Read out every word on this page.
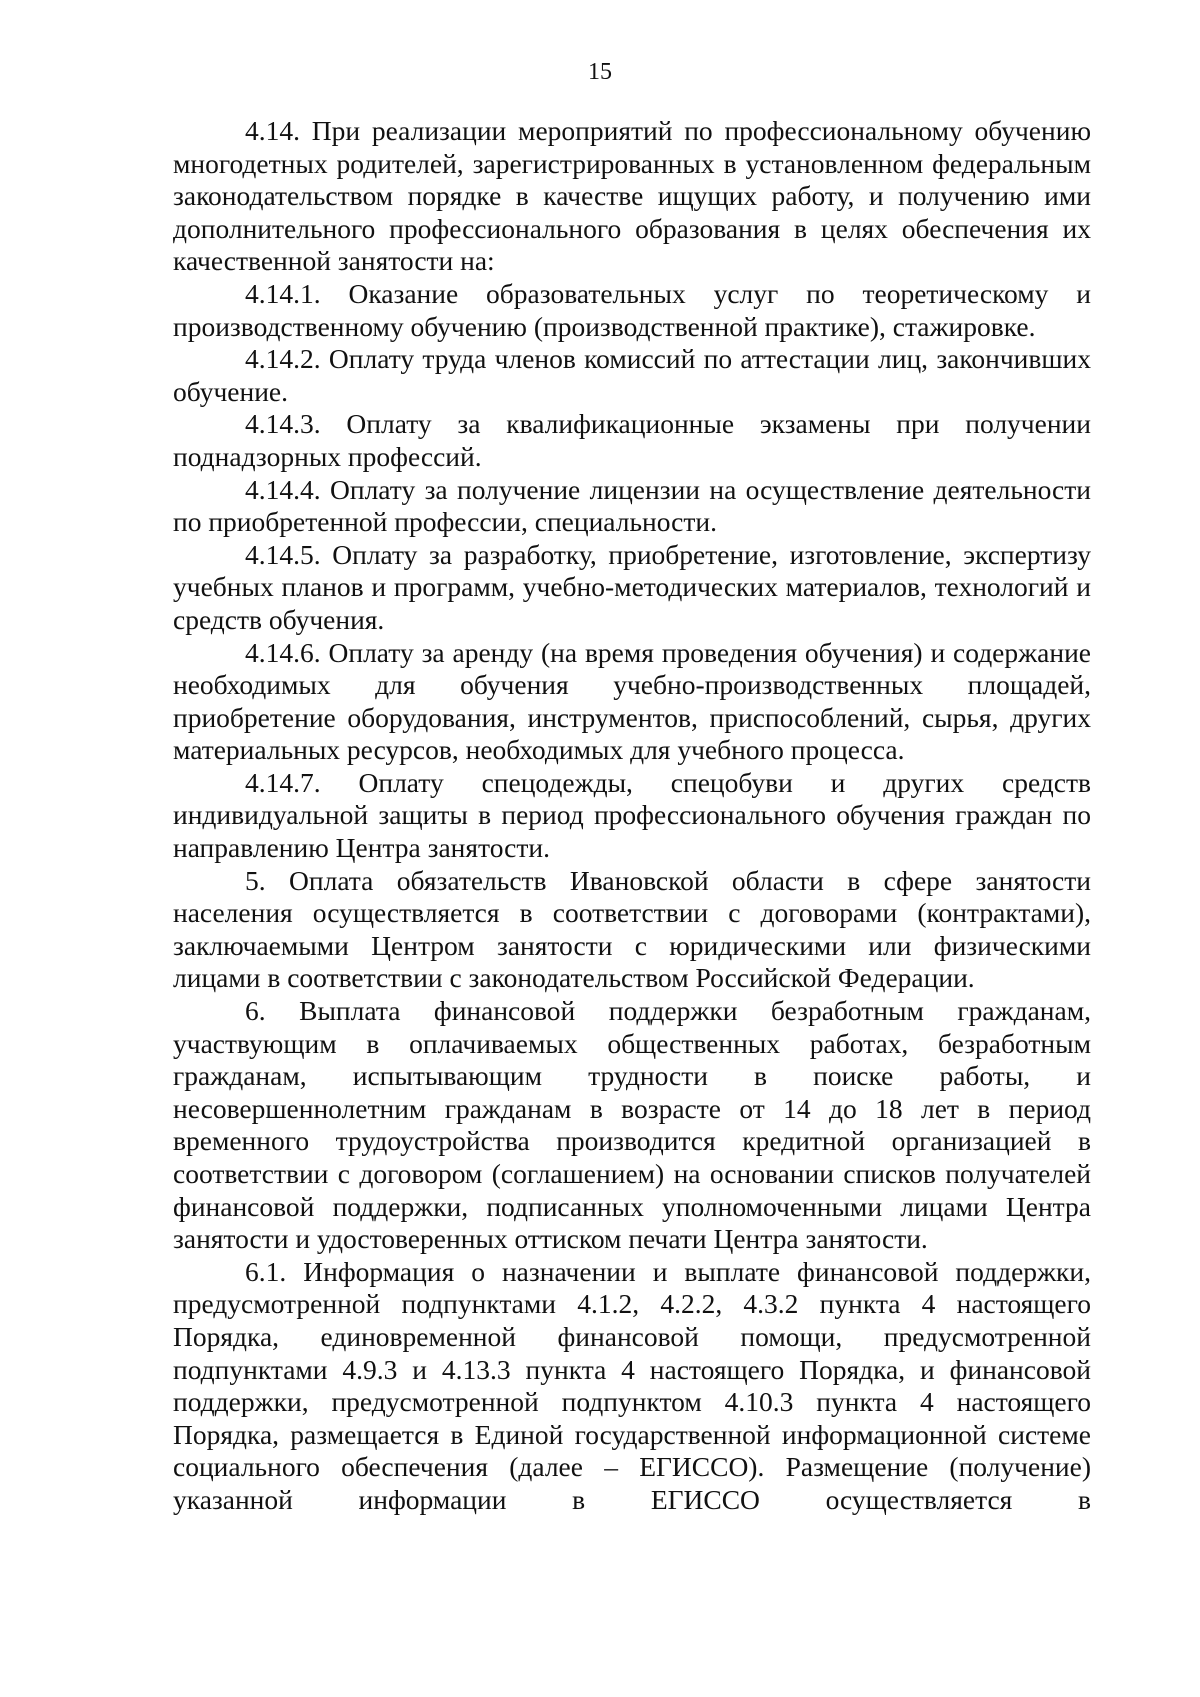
15

4.14. При реализации мероприятий по профессиональному обучению многодетных родителей, зарегистрированных в установленном федеральным законодательством порядке в качестве ищущих работу, и получению ими дополнительного профессионального образования в целях обеспечения их качественной занятости на:

4.14.1. Оказание образовательных услуг по теоретическому и производственному обучению (производственной практике), стажировке.

4.14.2. Оплату труда членов комиссий по аттестации лиц, закончивших обучение.

4.14.3. Оплату за квалификационные экзамены при получении поднадзорных профессий.

4.14.4. Оплату за получение лицензии на осуществление деятельности по приобретенной профессии, специальности.

4.14.5. Оплату за разработку, приобретение, изготовление, экспертизу учебных планов и программ, учебно-методических материалов, технологий и средств обучения.

4.14.6. Оплату за аренду (на время проведения обучения) и содержание необходимых для обучения учебно-производственных площадей, приобретение оборудования, инструментов, приспособлений, сырья, других материальных ресурсов, необходимых для учебного процесса.

4.14.7. Оплату спецодежды, спецобуви и других средств индивидуальной защиты в период профессионального обучения граждан по направлению Центра занятости.

5. Оплата обязательств Ивановской области в сфере занятости населения осуществляется в соответствии с договорами (контрактами), заключаемыми Центром занятости с юридическими или физическими лицами в соответствии с законодательством Российской Федерации.

6. Выплата финансовой поддержки безработным гражданам, участвующим в оплачиваемых общественных работах, безработным гражданам, испытывающим трудности в поиске работы, и несовершеннолетним гражданам в возрасте от 14 до 18 лет в период временного трудоустройства производится кредитной организацией в соответствии с договором (соглашением) на основании списков получателей финансовой поддержки, подписанных уполномоченными лицами Центра занятости и удостоверенных оттиском печати Центра занятости.

6.1. Информация о назначении и выплате финансовой поддержки, предусмотренной подпунктами 4.1.2, 4.2.2, 4.3.2 пункта 4 настоящего Порядка, единовременной финансовой помощи, предусмотренной подпунктами 4.9.3 и 4.13.3 пункта 4 настоящего Порядка, и финансовой поддержки, предусмотренной подпунктом 4.10.3 пункта 4 настоящего Порядка, размещается в Единой государственной информационной системе социального обеспечения (далее – ЕГИССО). Размещение (получение) указанной информации в ЕГИССО осуществляется в
